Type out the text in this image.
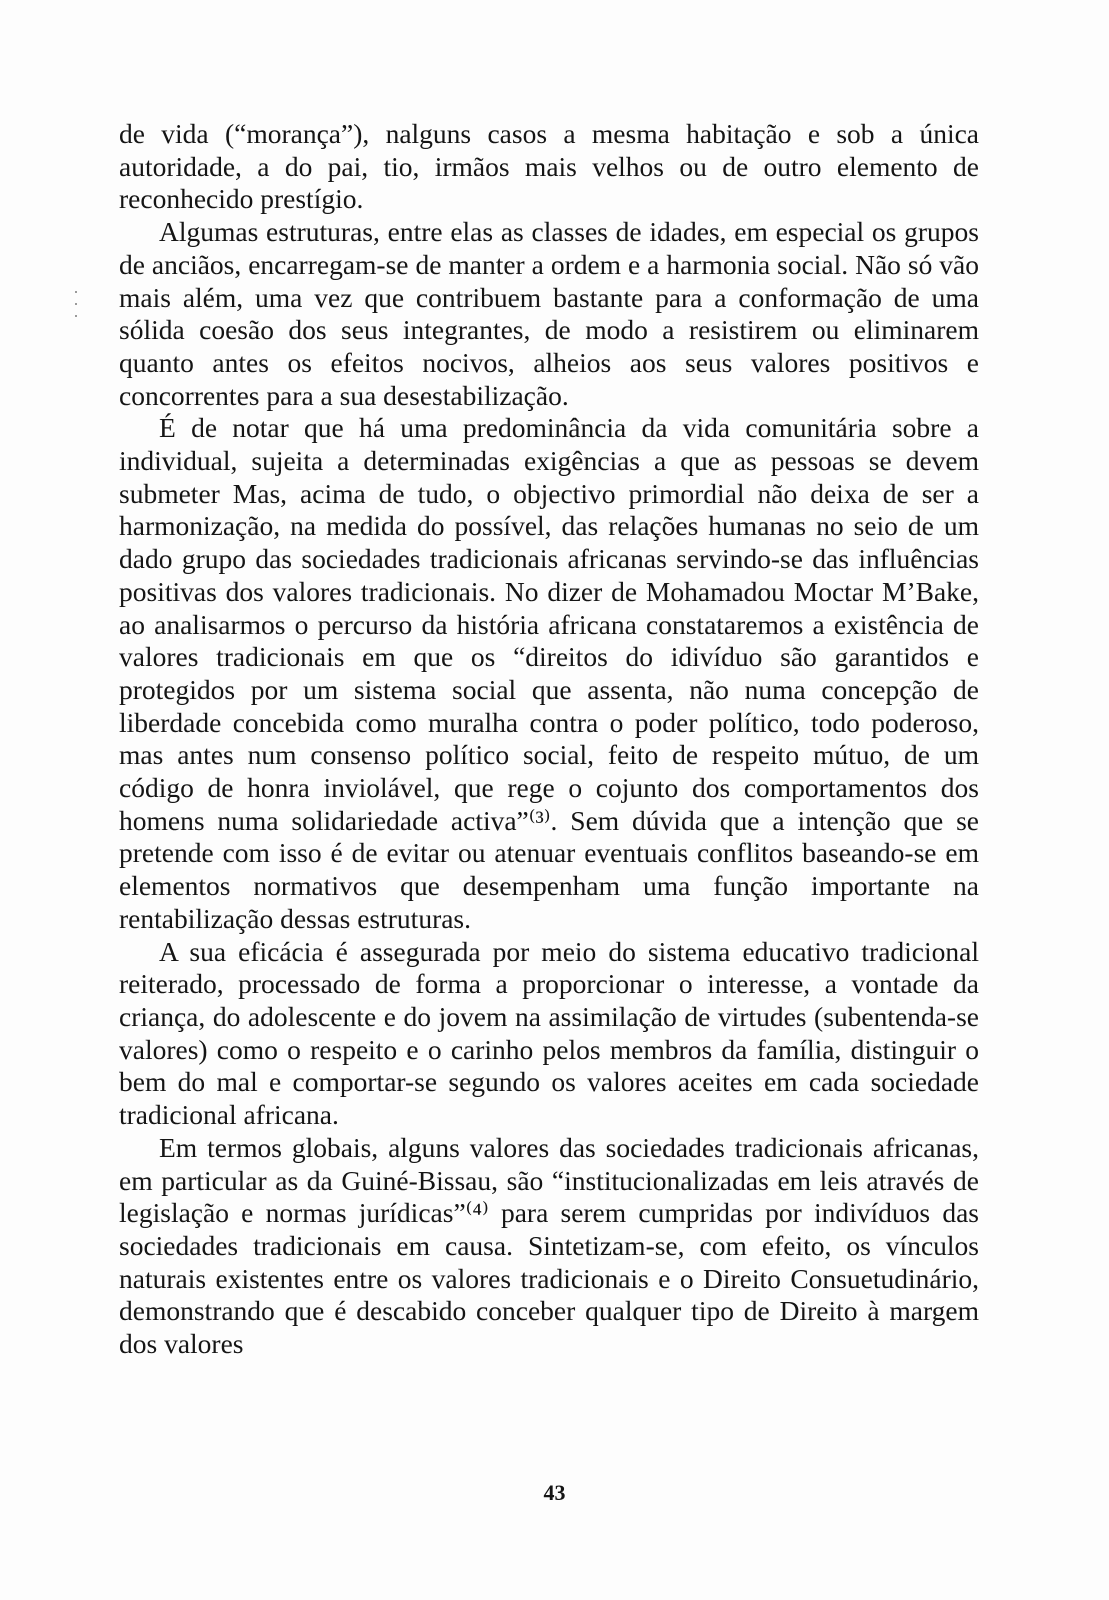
de vida (“morança”), nalguns casos a mesma habitação e sob a única autoridade, a do pai, tio, irmãos mais velhos ou de outro elemento de reconhecido prestígio.

Algumas estruturas, entre elas as classes de idades, em especial os grupos de anciãos, encarregam-se de manter a ordem e a harmonia social. Não só vão mais além, uma vez que contribuem bastante para a conformação de uma sólida coesão dos seus integrantes, de modo a resistirem ou eliminarem quanto antes os efeitos nocivos, alheios aos seus valores positivos e concorrentes para a sua desestabilização.

É de notar que há uma predominância da vida comunitária sobre a individual, sujeita a determinadas exigências a que as pessoas se devem submeter Mas, acima de tudo, o objectivo primordial não deixa de ser a harmonização, na medida do possível, das relações humanas no seio de um dado grupo das sociedades tradicionais africanas servindo-se das influências positivas dos valores tradicionais. No dizer de Mohamadou Moctar M’Bake, ao analisarmos o percurso da história africana constataremos a existência de valores tradicionais em que os “direitos do idivíduo são garantidos e protegidos por um sistema social que assenta, não numa concepção de liberdade concebida como muralha contra o poder político, todo poderoso, mas antes num consenso político social, feito de respeito mútuo, de um código de honra inviolável, que rege o cojunto dos comportamentos dos homens numa solidariedade activa”⁽³⁾. Sem dúvida que a intenção que se pretende com isso é de evitar ou atenuar eventuais conflitos baseando-se em elementos normativos que desempenham uma função importante na rentabilização dessas estruturas.

A sua eficácia é assegurada por meio do sistema educativo tradicional reiterado, processado de forma a proporcionar o interesse, a vontade da criança, do adolescente e do jovem na assimilação de virtudes (subentenda-se valores) como o respeito e o carinho pelos membros da família, distinguir o bem do mal e comportar-se segundo os valores aceites em cada sociedade tradicional africana.

Em termos globais, alguns valores das sociedades tradicionais africanas, em particular as da Guiné-Bissau, são “institucionalizadas em leis através de legislação e normas jurídicas”⁽⁴⁾ para serem cumpridas por indivíduos das sociedades tradicionais em causa. Sintetizam-se, com efeito, os vínculos naturais existentes entre os valores tradicionais e o Direito Consuetudinário, demonstrando que é descabido conceber qualquer tipo de Direito à margem dos valores

43
